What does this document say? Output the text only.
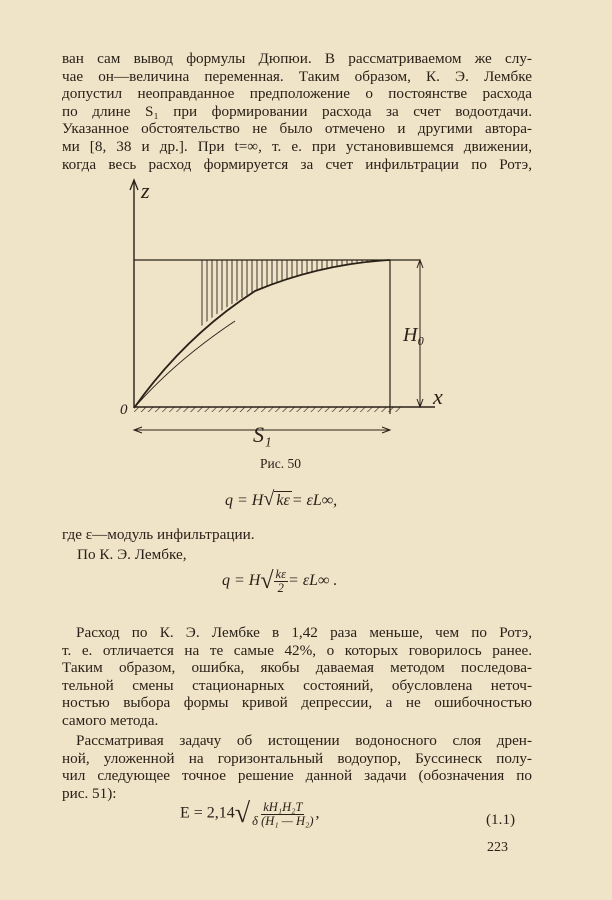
ван сам вывод формулы Дюпюи. В рассматриваемом же слу-
чае он—величина переменная. Таким образом, К. Э. Лембке
допустил неоправданное предположение о постоянстве расхода
по длине S₁ при формировании расхода за счет водоотдачи.
Указанное обстоятельство не было отмечено и другими автора-
ми [8, 38 и др.]. При t=∞, т. е. при установившемся движении,
когда весь расход формируется за счет инфильтрации по Ротэ,
H₀
S₁
z
x
0
Рис. 50
q = H√ kε = εL∞,
где ε—модуль инфильтрации.
По К. Э. Лембке,
$q = H√ \frac{k\varepsilon}{2} = \varepsilon L\infty$ .
Расход по К. Э. Лембке в 1,42 раза меньше, чем по Ротэ,
т. е. отличается на те самые 42%, о которых говорилось ранее.
Таким образом, ошибка, якобы даваемая методом последова-
тельной смены стационарных состояний, обусловлена неточ-
ностью выбора формы кривой депрессии, а не ошибочностью
самого метода.
Рассматривая задачу об истощении водоносного слоя дрен-
ной, уложенной на горизонтальный водоупор, Буссинеск полу-
чил следующее точное решение данной задачи (обозначения по
рис. 51):
$E = 2,14√ \frac{\text{kH₁H₂T}}{\text{δ (H₁ — H₂)}}$ ,	(1.1)
223
